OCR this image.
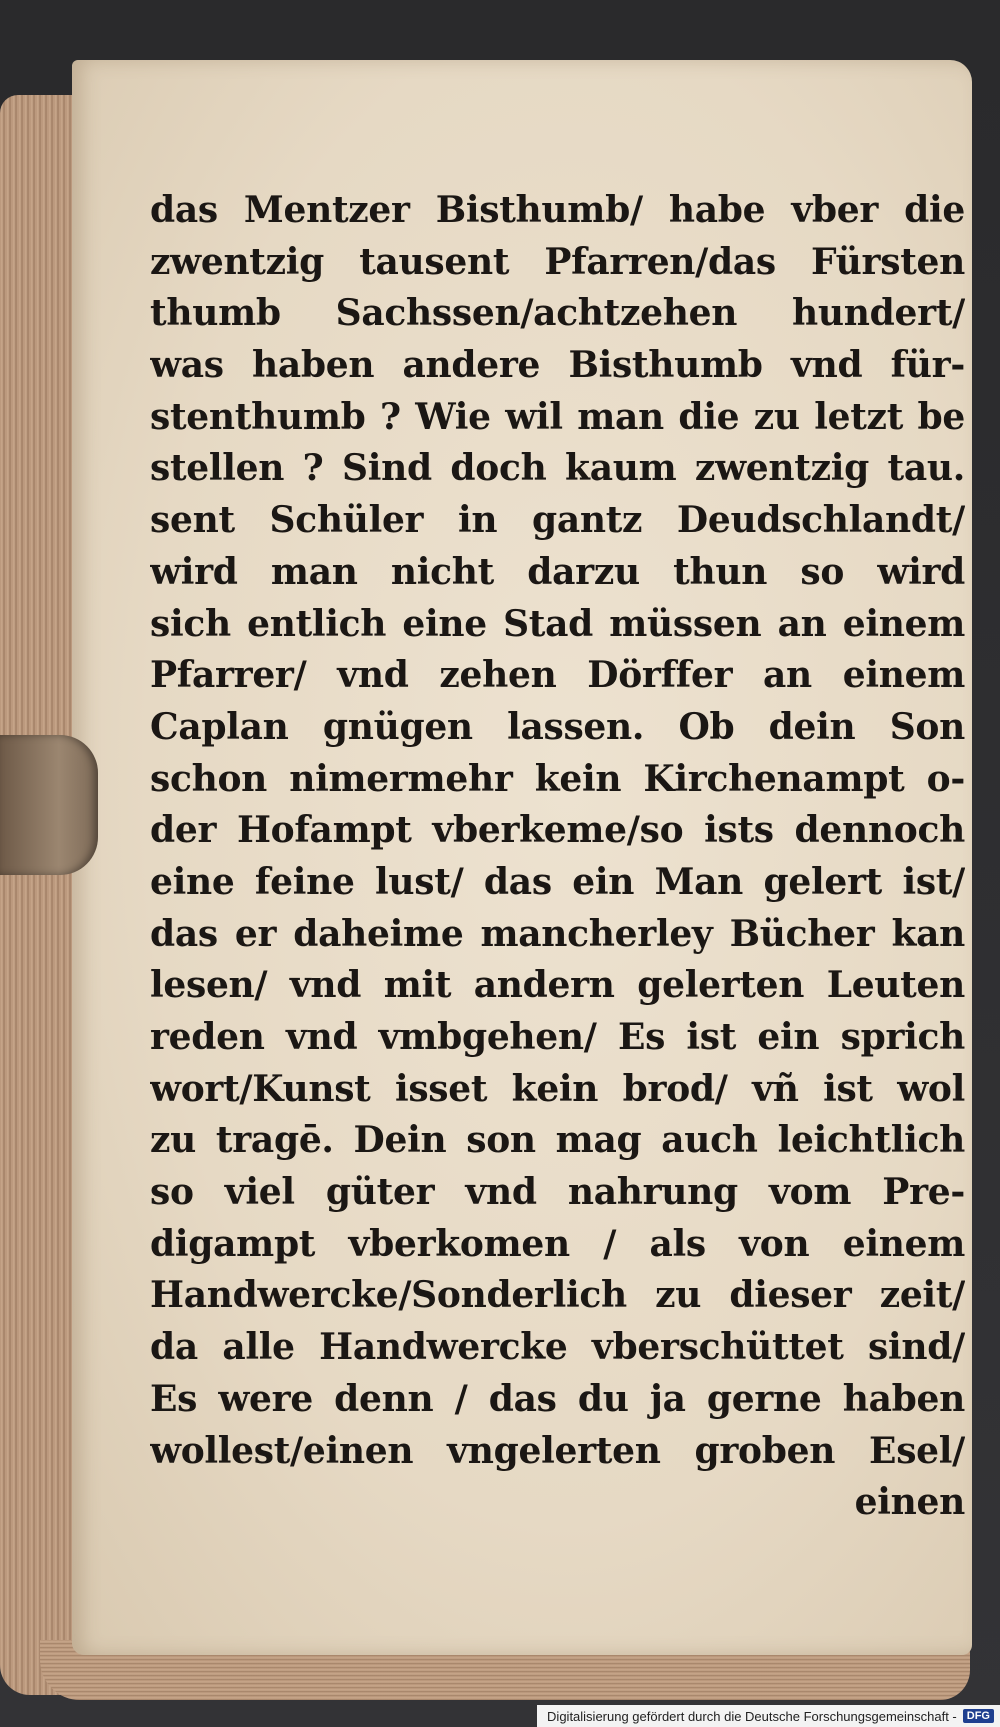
das Mentzer Bisthumb/ habe vber die
zwentzig tausent Pfarren/das Fürsten
thumb Sachssen/achtzehen hundert/
was haben andere Bisthumb vnd für-
stenthumb ? Wie wil man die zu letzt be
stellen ? Sind doch kaum zwentzig tau.
sent Schüler in gantz Deudschlandt/
wird man nicht darzu thun so wird
sich entlich eine Stad müssen an einem
Pfarrer/ vnd zehen Dörffer an einem
Caplan gnügen lassen. Ob dein Son
schon nimermehr kein Kirchenampt o-
der Hofampt vberkeme/so ists dennoch
eine feine lust/ das ein Man gelert ist/
das er daheime mancherley Bücher kan
lesen/ vnd mit andern gelerten Leuten
reden vnd vmbgehen/ Es ist ein sprich
wort/Kunst isset kein brod/ vñ ist wol
zu tragē. Dein son mag auch leichtlich
so viel güter vnd nahrung vom Pre-
digampt vberkomen / als von einem
Handwercke/Sonderlich zu dieser zeit/
da alle Handwercke vberschüttet sind/
Es were denn / das du ja gerne haben
wollest/einen vngelerten groben Esel/
einen
Digitalisierung gefördert durch die Deutsche Forschungsgemeinschaft - DFG
